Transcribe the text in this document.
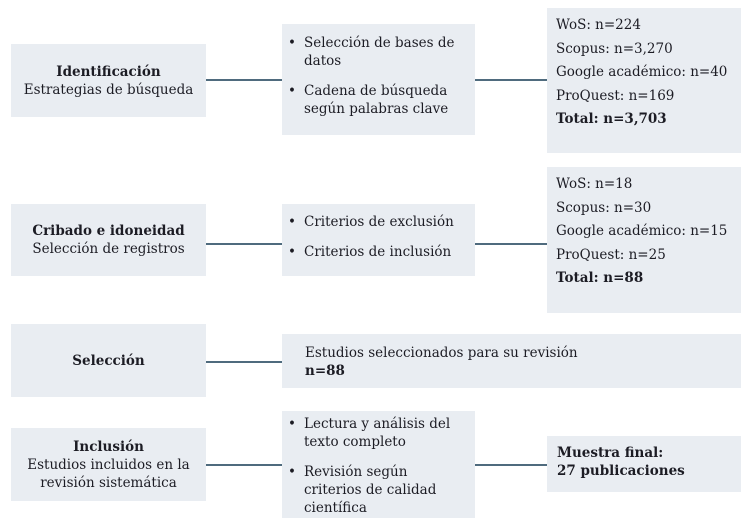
Identificación
Estrategias de búsqueda
• Selección de bases de datos
• Cadena de búsqueda según palabras clave
WoS: n=224
Scopus: n=3,270
Google académico: n=40
ProQuest: n=169
Total: n=3,703
Cribado e idoneidad
Selección de registros
• Criterios de exclusión
• Criterios de inclusión
WoS: n=18
Scopus: n=30
Google académico: n=15
ProQuest: n=25
Total: n=88
Selección	Estudios seleccionados para su revisión
n=88
Inclusión
Estudios incluidos en la revisión sistemática
• Lectura y análisis del texto completo
• Revisión según criterios de calidad científica
Muestra final:
27 publicaciones
